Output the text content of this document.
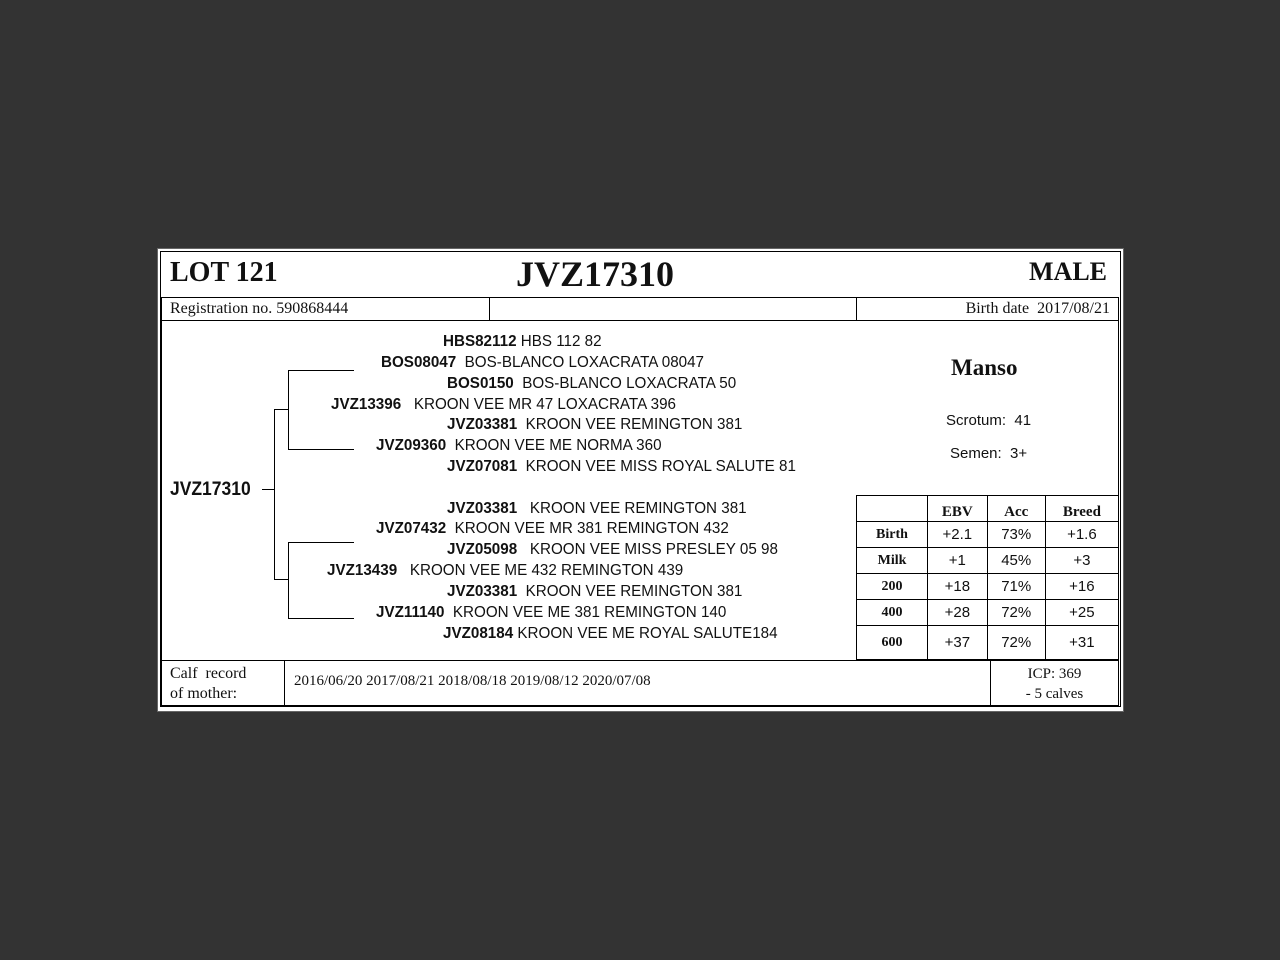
LOT 121	JVZ17310	MALE
Registration no. 590868444	Birth date 2017/08/21
JVZ17310
HBS82112 HBS 112 82
BOS08047 BOS-BLANCO LOXACRATA 08047
BOS0150 BOS-BLANCO LOXACRATA 50
JVZ13396 KROON VEE MR 47 LOXACRATA 396
JVZ03381 KROON VEE REMINGTON 381
JVZ09360 KROON VEE ME NORMA 360
JVZ07081 KROON VEE MISS ROYAL SALUTE 81
JVZ03381 KROON VEE REMINGTON 381
JVZ07432 KROON VEE MR 381 REMINGTON 432
JVZ05098 KROON VEE MISS PRESLEY 05 98
JVZ13439 KROON VEE ME 432 REMINGTON 439
JVZ03381 KROON VEE REMINGTON 381
JVZ11140 KROON VEE ME 381 REMINGTON 140
JVZ08184 KROON VEE ME ROYAL SALUTE184
Manso
Scrotum: 41
Semen: 3+
	EBV	Acc	Breed
Birth	+2.1	73%	+1.6
Milk	+1	45%	+3
200	+18	71%	+16
400	+28	72%	+25
600	+37	72%	+31
Calf  record
of mother:
2016/06/20 2017/08/21 2018/08/18 2019/08/12 2020/07/08	ICP: 369
- 5 calves
